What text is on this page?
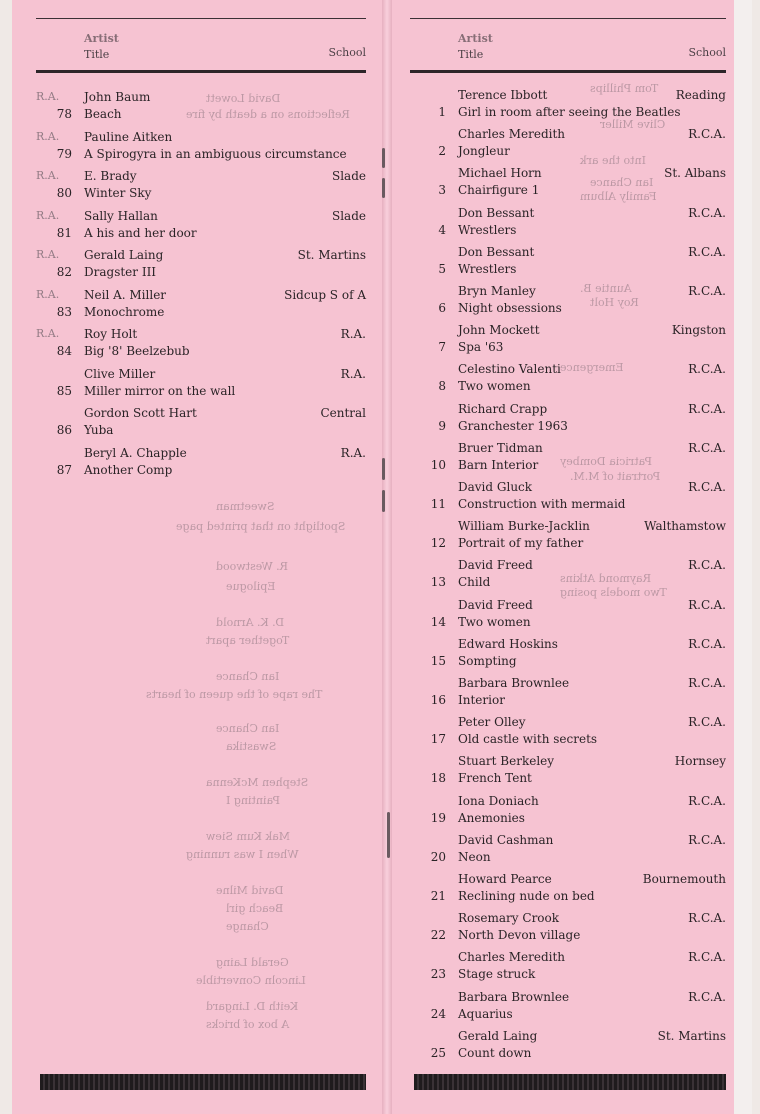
Artist
Title	School
R.A.
78
John Baum
Beach
R.A.
79
Pauline Aitken
A Spirogyra in an ambiguous circumstance
R.A.
80
E. Brady
Winter Sky
Slade
R.A.
81
Sally Hallan
A his and her door
Slade
R.A.
82
Gerald Laing
Dragster III
St. Martins
R.A.
83
Neil A. Miller
Monochrome
Sidcup S of A
R.A.
84
Roy Holt
Big '8' Beelzebub
R.A.
85
Clive Miller
Miller mirror on the wall
R.A.
86
Gordon Scott Hart
Yuba
Central
87
Beryl A. Chapple
Another Comp
R.A.
David Lowett
Reflections on a death by fire
Sweetman
Spotlight on that printed page
R. Westwood
Epilogue
D. K. Arnold
Together apart
Ian Chance
The rape of the queen of hearts
Ian Chance
Swastika
Stephen McKenna
Painting I
Mak Kum Siew
When I was running
David Milne
Beach girl
Change
Gerald Laing
Lincoln Convertible
Keith D. Lingard
A box of bricks
Artist
Title	School
1
Terence Ibbott
Girl in room after seeing the Beatles
Reading
2
Charles Meredith
Jongleur
R.C.A.
3
Michael Horn
Chairfigure 1
St. Albans
4
Don Bessant
Wrestlers
R.C.A.
5
Don Bessant
Wrestlers
R.C.A.
6
Bryn Manley
Night obsessions
R.C.A.
7
John Mockett
Spa '63
Kingston
8
Celestino Valenti
Two women
R.C.A.
9
Richard Crapp
Granchester 1963
R.C.A.
10
Bruer Tidman
Barn Interior
R.C.A.
11
David Gluck
Construction with mermaid
R.C.A.
12
William Burke-Jacklin
Portrait of my father
Walthamstow
13
David Freed
Child
R.C.A.
14
David Freed
Two women
R.C.A.
15
Edward Hoskins
Sompting
R.C.A.
16
Barbara Brownlee
Interior
R.C.A.
17
Peter Olley
Old castle with secrets
R.C.A.
18
Stuart Berkeley
French Tent
Hornsey
19
Iona Doniach
Anemonies
R.C.A.
20
David Cashman
Neon
R.C.A.
21
Howard Pearce
Reclining nude on bed
Bournemouth
22
Rosemary Crook
North Devon village
R.C.A.
23
Charles Meredith
Stage struck
R.C.A.
24
Barbara Brownlee
Aquarius
R.C.A.
25
Gerald Laing
Count down
St. Martins
Tom Phillips
Clive Miller
Into the ark
Ian Chance
Family Album
Auntie B.
Roy Holt
Emergence
Patricia Dombey
Portrait of M.M.
Raymond Atkins
Two models posing
